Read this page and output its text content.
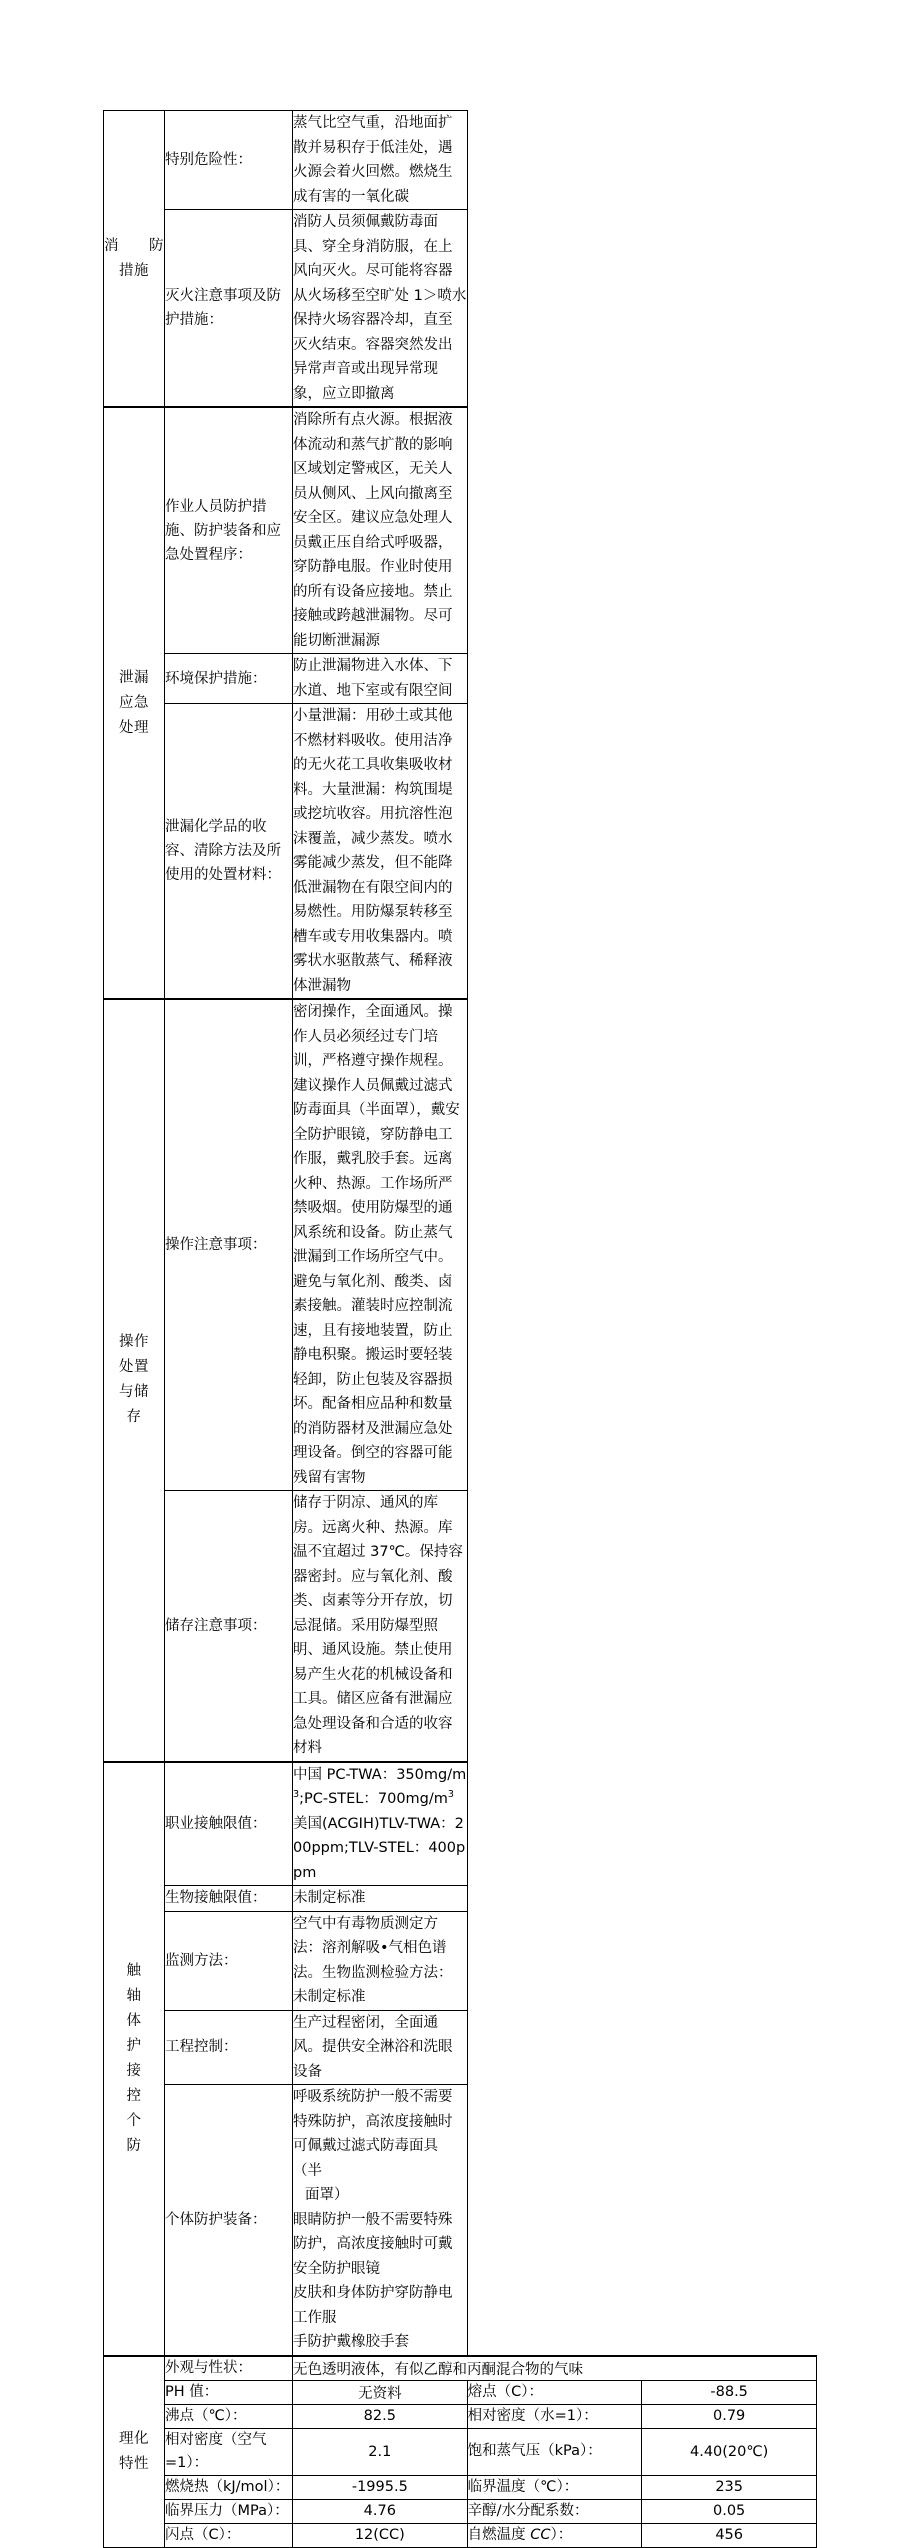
消 防
措施	特别危险性：	蒸气比空气重，沿地面扩散并易积存于低洼处，遇火源会着火回燃。燃烧生成有害的一氧化碳		
	灭火注意事项及防护措施：	消防人员须佩戴防毒面具、穿全身消防服，在上风向灭火。尽可能将容器从火场移至空旷处 1＞喷水保持火场容器冷却，直至灭火结束。容器突然发出异常声音或出现异常现象，应立即撤离		

泄漏
应急
处理	作业人员防护措施、防护装备和应急处置程序：	消除所有点火源。根据液体流动和蒸气扩散的影响区域划定警戒区，无关人员从侧风、上风向撤离至安全区。建议应急处理人员戴正压自给式呼吸器，穿防静电服。作业时使用的所有设备应接地。禁止接触或跨越泄漏物。尽可能切断泄漏源		
	环境保护措施：	防止泄漏物进入水体、下水道、地下室或有限空间		
	泄漏化学品的收容、清除方法及所使用的处置材料：	小量泄漏：用砂土或其他不燃材料吸收。使用洁净的无火花工具收集吸收材料。大量泄漏：构筑围堤或挖坑收容。用抗溶性泡沫覆盖，减少蒸发。喷水雾能减少蒸发，但不能降低泄漏物在有限空间内的易燃性。用防爆泵转移至槽车或专用收集器内。喷雾状水驱散蒸气、稀释液体泄漏物		

操作
处置
与储
存
	操作注意事项：	密闭操作，全面通风。操作人员必须经过专门培训，严格遵守操作规程。建议操作人员佩戴过滤式防毒面具（半面罩），戴安全防护眼镜，穿防静电工作服，戴乳胶手套。远离火种、热源。工作场所严禁吸烟。使用防爆型的通风系统和设备。防止蒸气泄漏到工作场所空气中。避免与氧化剂、酸类、卤素接触。灌装时应控制流速，且有接地装置，防止静电积聚。搬运时要轻装轻卸，防止包装及容器损坏。配备相应品种和数量的消防器材及泄漏应急处理设备。倒空的容器可能残留有害物
	储存注意事项：	储存于阴凉、通风的库房。远离火种、热源。库温不宜超过 37℃。保持容器密封。应与氧化剂、酸类、卤素等分开存放，切忌混储。采用防爆型照明、通风设施。禁止使用易产生火花的机械设备和工具。储区应备有泄漏应急处理设备和合适的收容材料		

触
轴
体
护
接
控
个
防
	职业接触限值：	
中国 PC-TWA：$350mg/m^3;PC$-STEL：$700mg/m^3$
美国(ACGIH)TLV-TWA：200ppm;TLV-STEL：400ppm

	生物接触限值：	未制定标准		
	监测方法：	空气中有毒物质测定方法：溶剂解吸•气相色谱法。生物监测检验方法：未制定标准		
	工程控制：	生产过程密闭，全面通风。提供安全淋浴和洗眼设备		
	个体防护装备：	呼吸系统防护一般不需要特殊防护，高浓度接触时可佩戴过滤式防毒面具（半
面罩）
眼睛防护一般不需要特殊防护，高浓度接触时可戴安全防护眼镜
皮肤和身体防护穿防静电工作服
手防护戴橡胶手套		

理化
特性	外观与性状：	无色透明液体，有似乙醇和丙酮混合物的气味		
	PH 值：	无资料	熔点（C）：	-88.5
	沸点（℃）：	82.5	相对密度（水=1）：	0.79
	相对密度（空气=1）：	2.1	饱和蒸气压（kPa）：	4.40(20℃)
	燃烧热（kJ/mol）：	-1995.5	临界温度（℃）：	235
	临界压力（MPa）：	4.76	辛醇/水分配系数：	0.05
	闪点（C）：	12(CC)	自燃温度 CC）：	456
